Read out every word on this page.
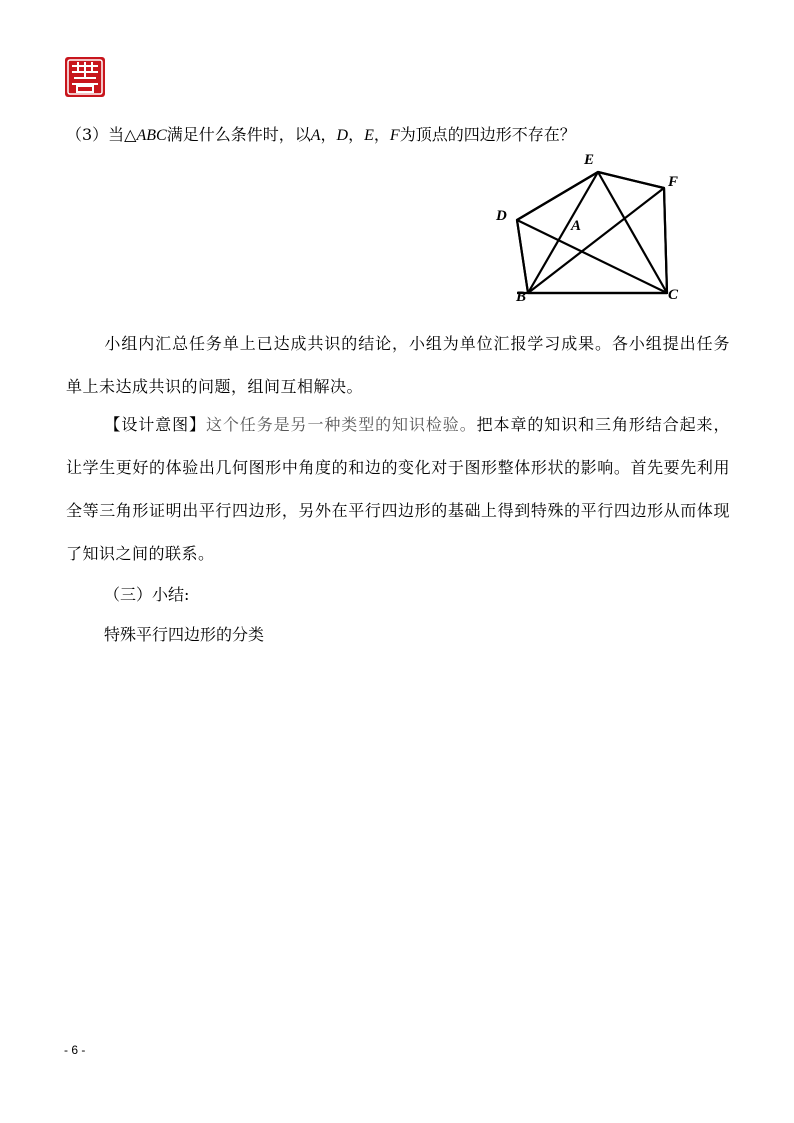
（3）当△ABC满足什么条件时，以A，D，E，F为顶点的四边形不存在？
E
F
D
A
B	C
小组内汇总任务单上已达成共识的结论，小组为单位汇报学习成果。各小组提出任务单上未达成共识的问题，组间互相解决。
【设计意图】这个任务是另一种类型的知识检验。把本章的知识和三角形结合起来，让学生更好的体验出几何图形中角度的和边的变化对于图形整体形状的影响。首先要先利用全等三角形证明出平行四边形，另外在平行四边形的基础上得到特殊的平行四边形从而体现了知识之间的联系。
（三）小结:
特殊平行四边形的分类
- 6 -
